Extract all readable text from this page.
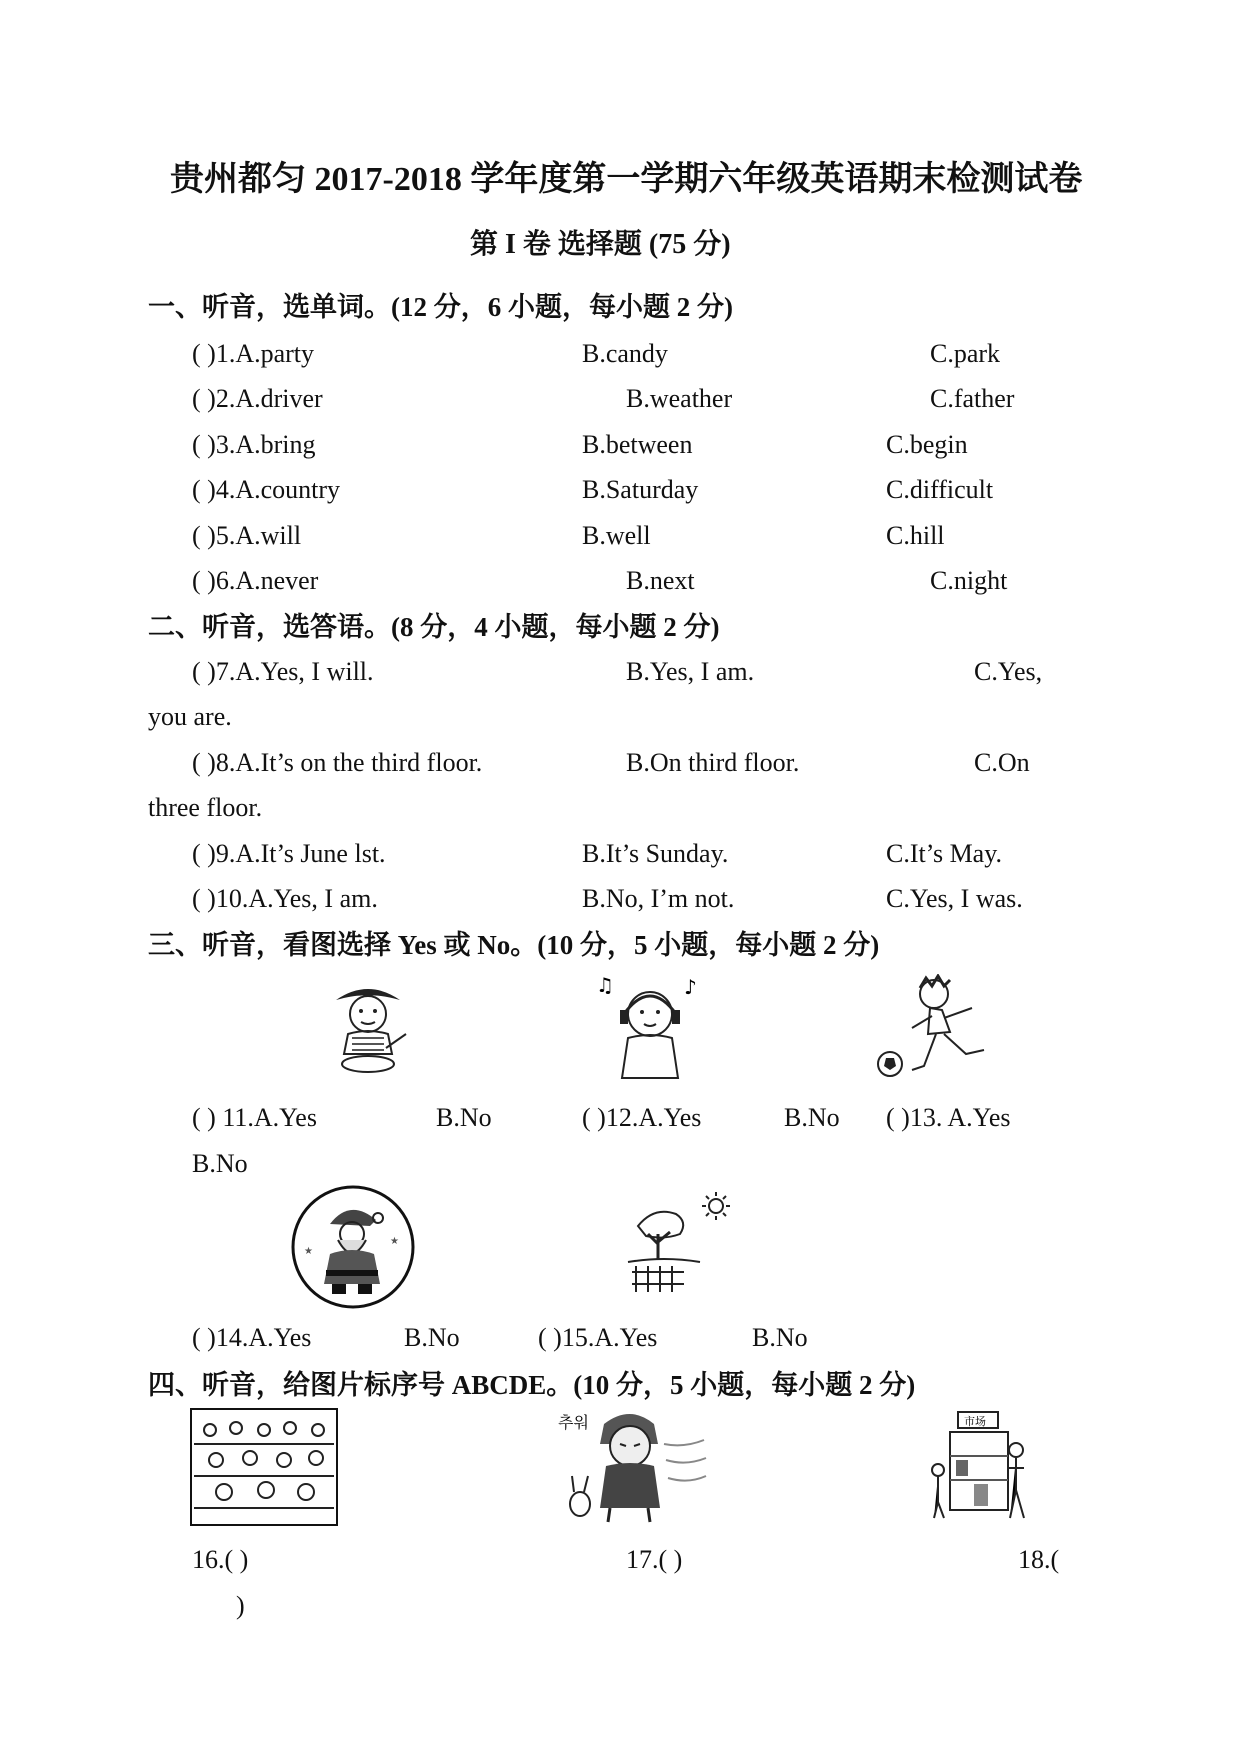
贵州都匀 2017-2018 学年度第一学期六年级英语期末检测试卷
第 I 卷 选择题 (75 分)
一、听音，选单词。(12 分，6 小题，每小题 2 分)
( )1.A.party	B.candy	C.park
( )2.A.driver	B.weather	C.father
( )3.A.bring	B.between	C.begin
( )4.A.country	B.Saturday	C.difficult
( )5.A.will	B.well	C.hill
( )6.A.never	B.next	C.night
二、听音，选答语。(8 分，4 小题，每小题 2 分)
( )7.A.Yes, I will.	B.Yes, I am.	C.Yes,
you are.
( )8.A.It’s on the third floor.	B.On third floor.	C.On
three floor.
( )9.A.It’s June lst.	B.It’s Sunday.	C.It’s May.
( )10.A.Yes, I am.	B.No, I’m not.	C.Yes, I was.
三、听音，看图选择 Yes 或 No。(10 分，5 小题，每小题 2 分)
♫	♪
( ) 11.A.Yes	B.No	( )12.A.Yes	B.No ( )13. A.Yes
B.No
★
★
( )14.A.Yes	B.No	( )15.A.Yes	B.No
四、听音，给图片标序号 ABCDE。(10 分，5 小题，每小题 2 分)
추워	市场
16.( )	17.( )	18.(
)
